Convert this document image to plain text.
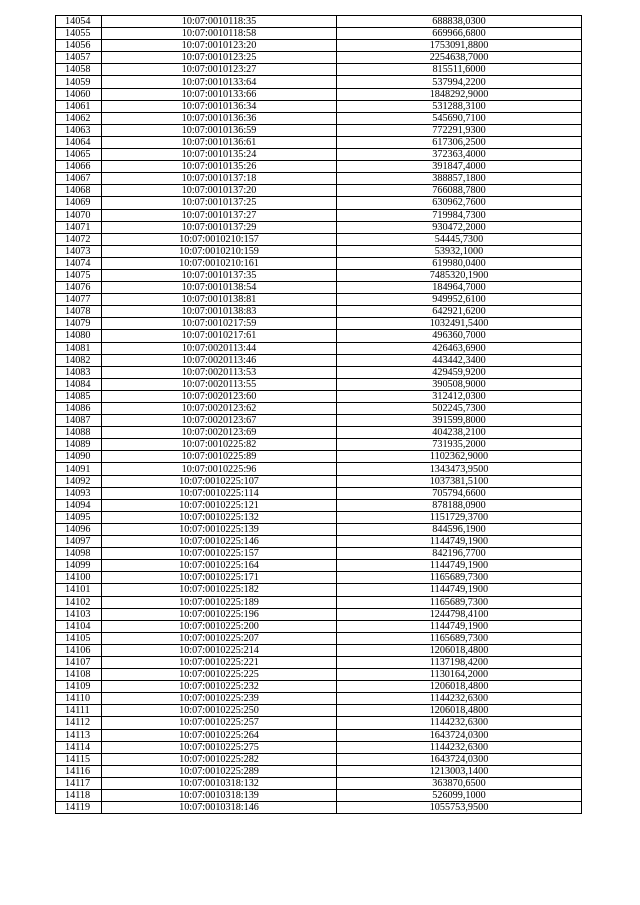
14054	10:07:0010118:35	688838,0300
14055	10:07:0010118:58	669966,6800
14056	10:07:0010123:20	1753091,8800
14057	10:07:0010123:25	2254638,7000
14058	10:07:0010123:27	815511,6000
14059	10:07:0010133:64	537994,2200
14060	10:07:0010133:66	1848292,9000
14061	10:07:0010136:34	531288,3100
14062	10:07:0010136:36	545690,7100
14063	10:07:0010136:59	772291,9300
14064	10:07:0010136:61	617306,2500
14065	10:07:0010135:24	372363,4000
14066	10:07:0010135:26	391847,4000
14067	10:07:0010137:18	388857,1800
14068	10:07:0010137:20	766088,7800
14069	10:07:0010137:25	630962,7600
14070	10:07:0010137:27	719984,7300
14071	10:07:0010137:29	930472,2000
14072	10:07:0010210:157	54445,7300
14073	10:07:0010210:159	53932,1000
14074	10:07:0010210:161	619980,0400
14075	10:07:0010137:35	7485320,1900
14076	10:07:0010138:54	184964,7000
14077	10:07:0010138:81	949952,6100
14078	10:07:0010138:83	642921,6200
14079	10:07:0010217:59	1032491,5400
14080	10:07:0010217:61	496360,7000
14081	10:07:0020113:44	426463,6900
14082	10:07:0020113:46	443442,3400
14083	10:07:0020113:53	429459,9200
14084	10:07:0020113:55	390508,9000
14085	10:07:0020123:60	312412,0300
14086	10:07:0020123:62	502245,7300
14087	10:07:0020123:67	391599,8000
14088	10:07:0020123:69	404238,2100
14089	10:07:0010225:82	731935,2000
14090	10:07:0010225:89	1102362,9000
14091	10:07:0010225:96	1343473,9500
14092	10:07:0010225:107	1037381,5100
14093	10:07:0010225:114	705794,6600
14094	10:07:0010225:121	878188,0900
14095	10:07:0010225:132	1151729,3700
14096	10:07:0010225:139	844596,1900
14097	10:07:0010225:146	1144749,1900
14098	10:07:0010225:157	842196,7700
14099	10:07:0010225:164	1144749,1900
14100	10:07:0010225:171	1165689,7300
14101	10:07:0010225:182	1144749,1900
14102	10:07:0010225:189	1165689,7300
14103	10:07:0010225:196	1244798,4100
14104	10:07:0010225:200	1144749,1900
14105	10:07:0010225:207	1165689,7300
14106	10:07:0010225:214	1206018,4800
14107	10:07:0010225:221	1137198,4200
14108	10:07:0010225:225	1130164,2000
14109	10:07:0010225:232	1206018,4800
14110	10:07:0010225:239	1144232,6300
14111	10:07:0010225:250	1206018,4800
14112	10:07:0010225:257	1144232,6300
14113	10:07:0010225:264	1643724,0300
14114	10:07:0010225:275	1144232,6300
14115	10:07:0010225:282	1643724,0300
14116	10:07:0010225:289	1213003,1400
14117	10:07:0010318:132	363870,6500
14118	10:07:0010318:139	526099,1000
14119	10:07:0010318:146	1055753,9500
